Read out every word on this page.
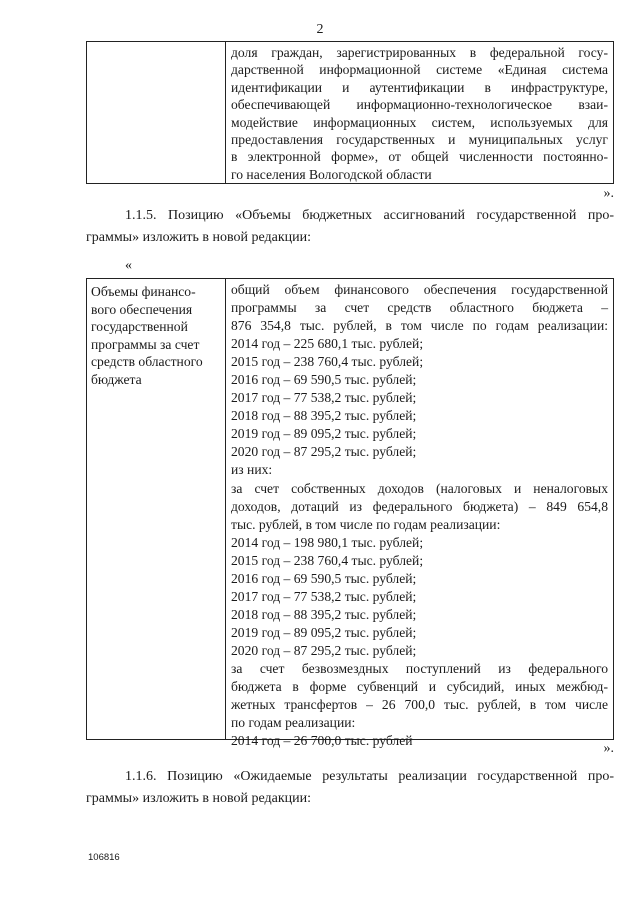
2
доля граждан, зарегистрированных в федеральной госу-
дарственной информационной системе «Единая система
идентификации и аутентификации в инфраструктуре,
обеспечивающей информационно-технологическое взаи-
модействие информационных систем, используемых для
предоставления государственных и муниципальных услуг
в электронной форме», от общей численности постоянно-
го населения Вологодской области
».
1.1.5. Позицию «Объемы бюджетных ассигнований государственной про-
граммы» изложить в новой редакции:
«
Объемы финансо-
вого обеспечения
государственной
программы за счет
средств областного
бюджета
общий объем финансового обеспечения государственной
программы за счет средств областного бюджета –
876 354,8 тыс. рублей, в том числе по годам реализации:
2014 год – 225 680,1 тыс. рублей;
2015 год – 238 760,4 тыс. рублей;
2016 год – 69 590,5 тыс. рублей;
2017 год – 77 538,2 тыс. рублей;
2018 год – 88 395,2 тыс. рублей;
2019 год – 89 095,2 тыс. рублей;
2020 год – 87 295,2 тыс. рублей;
из них:
за счет собственных доходов (налоговых и неналоговых
доходов, дотаций из федерального бюджета) – 849 654,8
тыс. рублей, в том числе по годам реализации:
2014 год – 198 980,1 тыс. рублей;
2015 год – 238 760,4 тыс. рублей;
2016 год – 69 590,5 тыс. рублей;
2017 год – 77 538,2 тыс. рублей;
2018 год – 88 395,2 тыс. рублей;
2019 год – 89 095,2 тыс. рублей;
2020 год – 87 295,2 тыс. рублей;
за счет безвозмездных поступлений из федерального
бюджета в форме субвенций и субсидий, иных межбюд-
жетных трансфертов – 26 700,0 тыс. рублей, в том числе
по годам реализации:
2014 год – 26 700,0 тыс. рублей
».
1.1.6. Позицию «Ожидаемые результаты реализации государственной про-
граммы» изложить в новой редакции:
106816
